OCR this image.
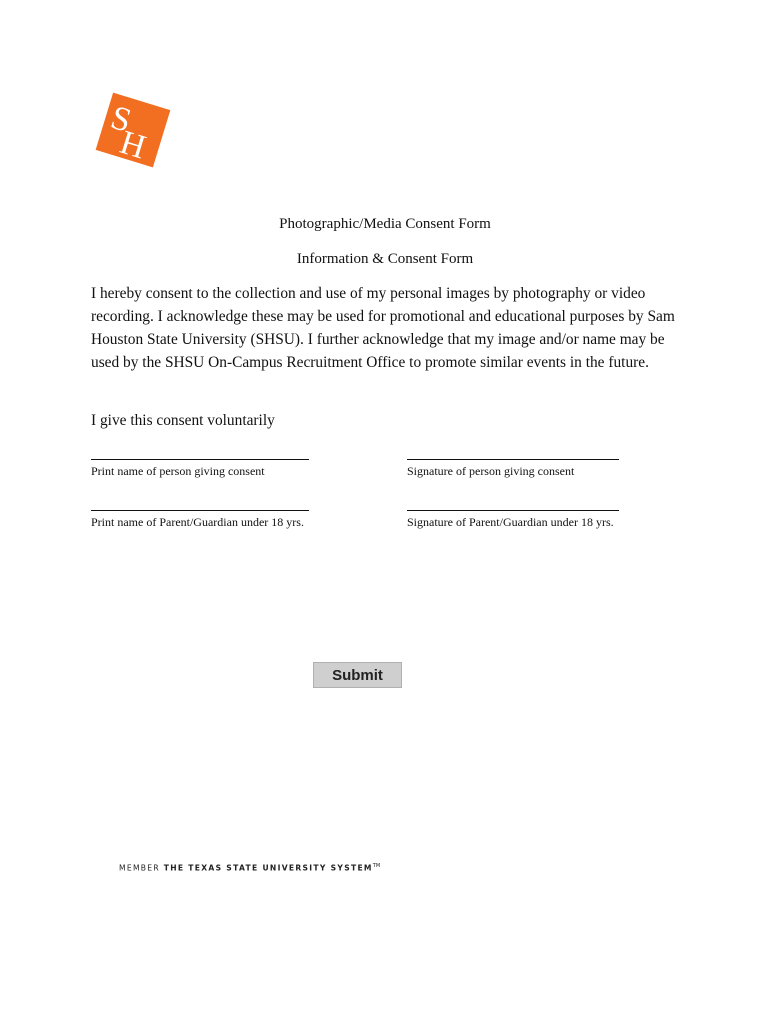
S
H
Photographic/Media Consent Form
Information & Consent Form
I hereby consent to the collection and use of my personal images by photography or video recording. I acknowledge these may be used for promotional and educational purposes by Sam Houston State University (SHSU). I further acknowledge that my image and/or name may be used by the SHSU On-Campus Recruitment Office to promote similar events in the future.
I give this consent voluntarily
Print name of person giving consent	Signature of person giving consent
Print name of Parent/Guardian under 18 yrs.	Signature of Parent/Guardian under 18 yrs.
Submit
MEMBER THE TEXAS STATE UNIVERSITY SYSTEM™
